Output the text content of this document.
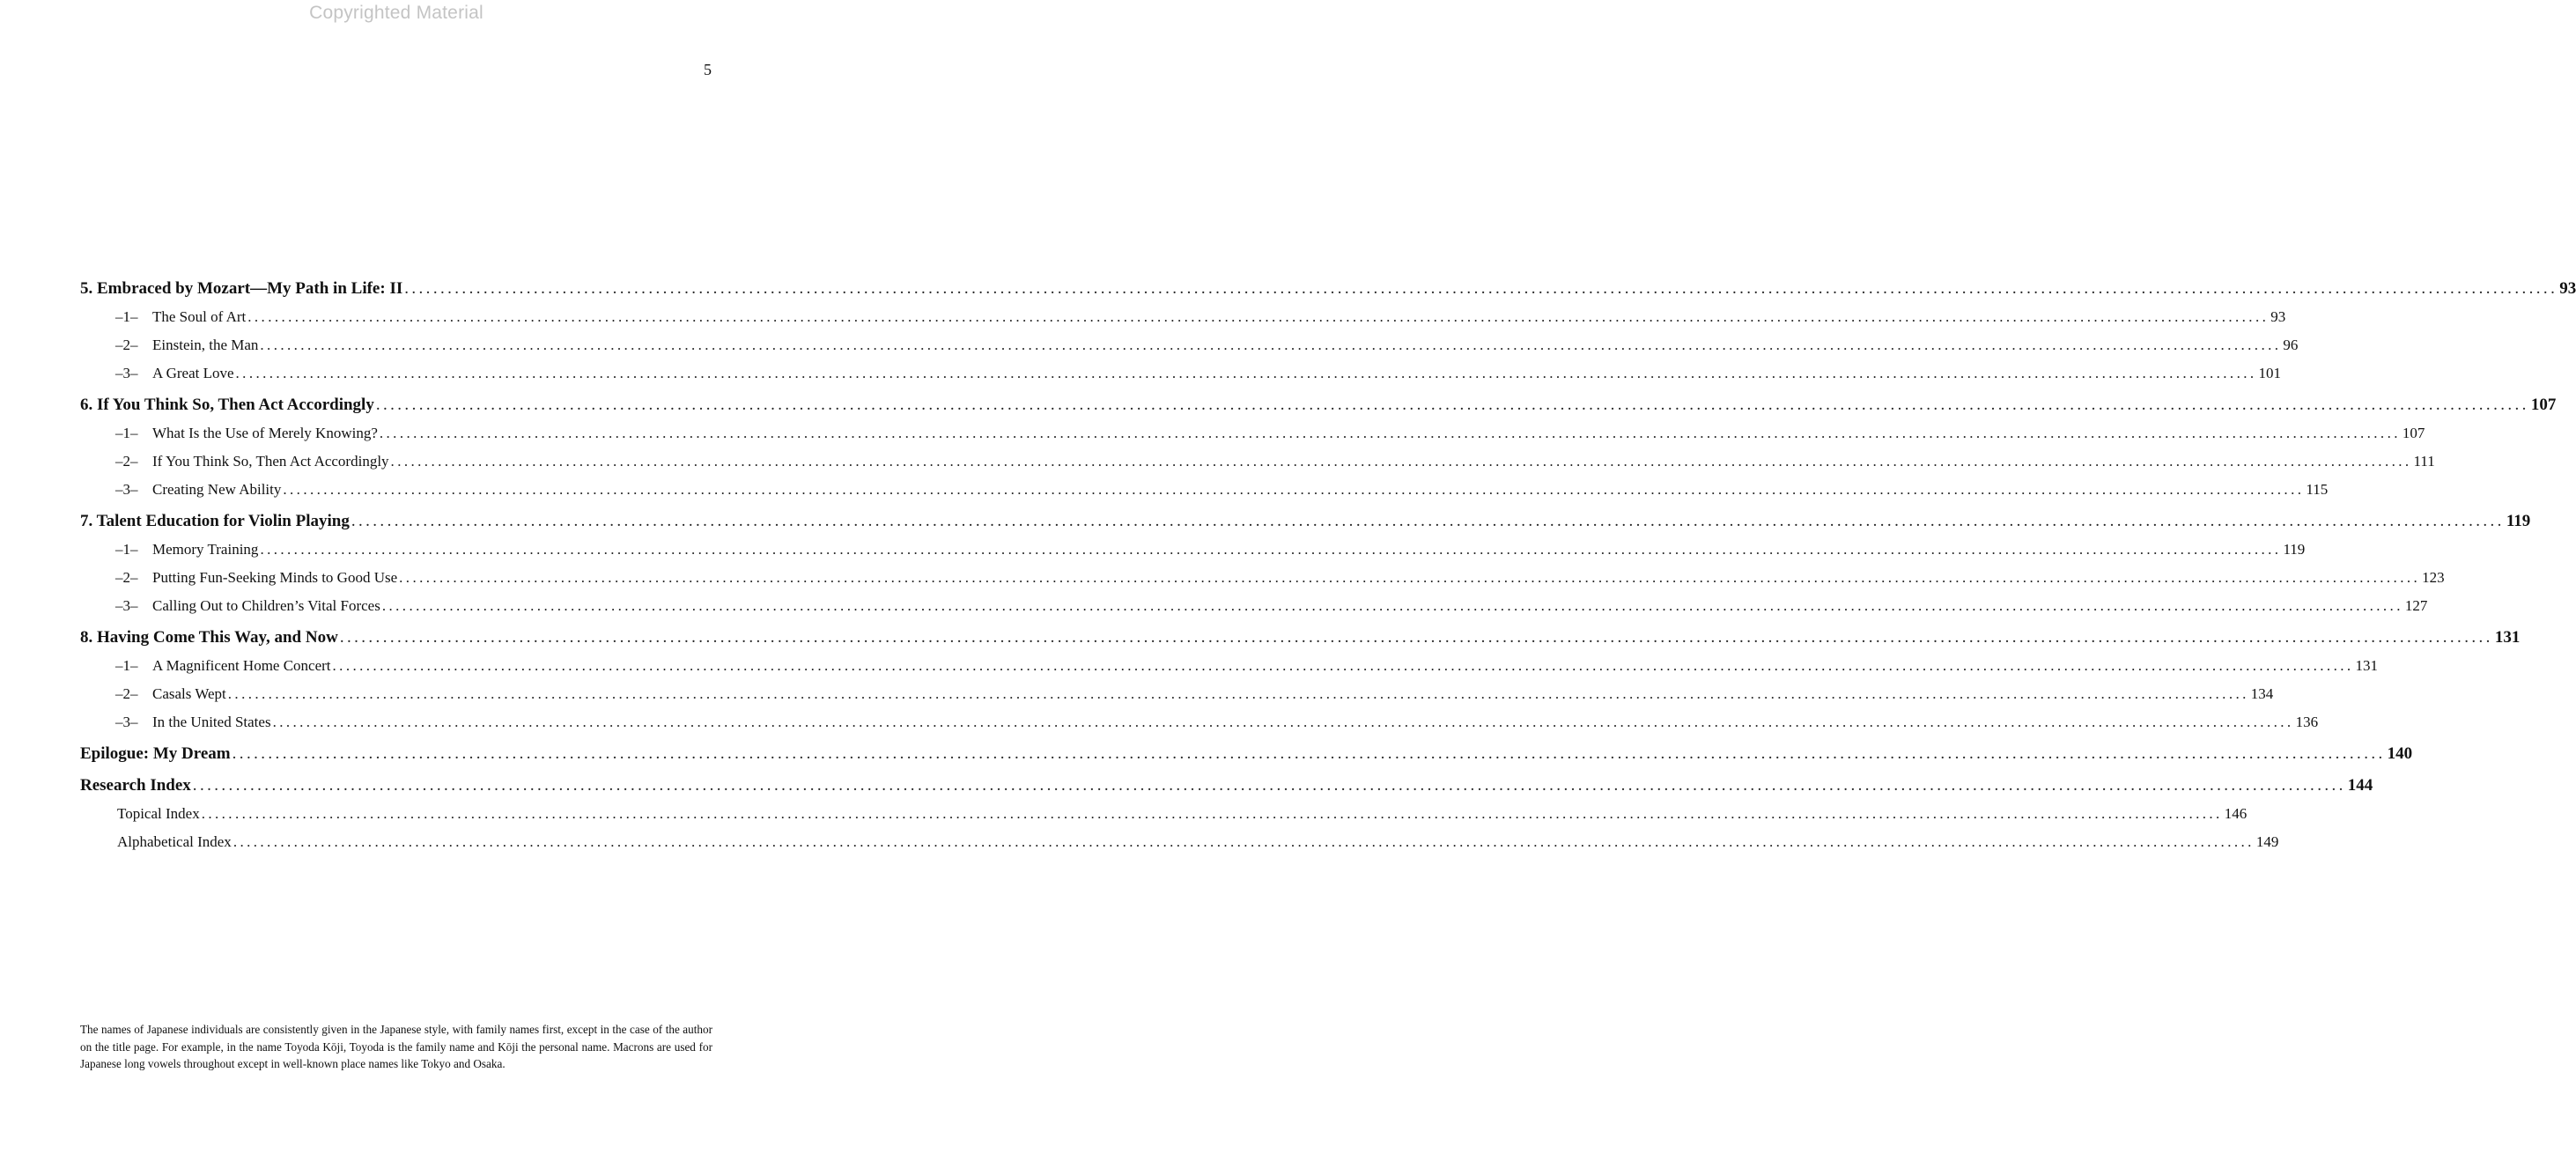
Copyrighted Material
5
5. Embraced by Mozart—My Path in Life: II ............................................................................................................................................................................................................................................................................................................ 93
–1– The Soul of Art ............................................................................................................................................................................................................................................................................................................ 93
–2– Einstein, the Man ............................................................................................................................................................................................................................................................................................................ 96
–3– A Great Love ............................................................................................................................................................................................................................................................................................................ 101
6. If You Think So, Then Act Accordingly ............................................................................................................................................................................................................................................................................................................ 107
–1– What Is the Use of Merely Knowing? ............................................................................................................................................................................................................................................................................................................ 107
–2– If You Think So, Then Act Accordingly ............................................................................................................................................................................................................................................................................................................ 111
–3– Creating New Ability ............................................................................................................................................................................................................................................................................................................ 115
7. Talent Education for Violin Playing ............................................................................................................................................................................................................................................................................................................ 119
–1– Memory Training ............................................................................................................................................................................................................................................................................................................ 119
–2– Putting Fun-Seeking Minds to Good Use ............................................................................................................................................................................................................................................................................................................ 123
–3– Calling Out to Children’s Vital Forces ............................................................................................................................................................................................................................................................................................................ 127
8. Having Come This Way, and Now ............................................................................................................................................................................................................................................................................................................ 131
–1– A Magnificent Home Concert ............................................................................................................................................................................................................................................................................................................ 131
–2– Casals Wept ............................................................................................................................................................................................................................................................................................................ 134
–3– In the United States ............................................................................................................................................................................................................................................................................................................ 136
Epilogue: My Dream ............................................................................................................................................................................................................................................................................................................ 140
Research Index ............................................................................................................................................................................................................................................................................................................ 144
Topical Index ............................................................................................................................................................................................................................................................................................................ 146
Alphabetical Index ............................................................................................................................................................................................................................................................................................................ 149

The names of Japanese individuals are consistently given in the Japanese style, with family names first, except in the case of the author on the title page. For example, in the name Toyoda Kōji, Toyoda is the family name and Kōji the personal name. Macrons are used for Japanese long vowels throughout except in well-known place names like Tokyo and Osaka.
